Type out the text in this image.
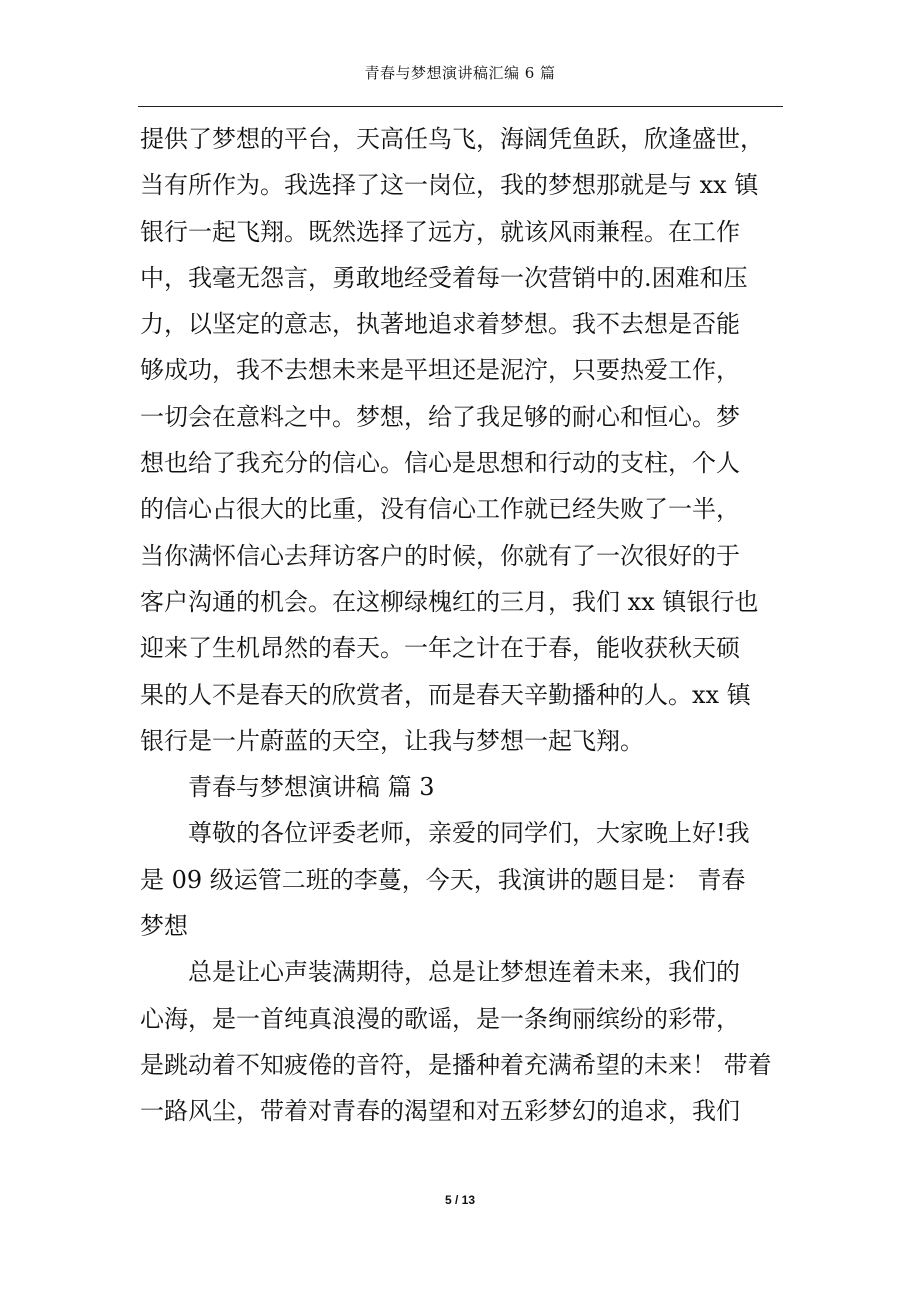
青春与梦想演讲稿汇编 6 篇
提供了梦想的平台，天高任鸟飞，海阔凭鱼跃，欣逢盛世，
当有所作为。我选择了这一岗位，我的梦想那就是与 xx 镇
银行一起飞翔。既然选择了远方，就该风雨兼程。在工作
中，我毫无怨言，勇敢地经受着每一次营销中的.困难和压
力，以坚定的意志，执著地追求着梦想。我不去想是否能
够成功，我不去想未来是平坦还是泥泞，只要热爱工作，
一切会在意料之中。梦想，给了我足够的耐心和恒心。梦
想也给了我充分的信心。信心是思想和行动的支柱，个人
的信心占很大的比重，没有信心工作就已经失败了一半，
当你满怀信心去拜访客户的时候，你就有了一次很好的于
客户沟通的机会。在这柳绿槐红的三月，我们 xx 镇银行也
迎来了生机昂然的春天。一年之计在于春，能收获秋天硕
果的人不是春天的欣赏者，而是春天辛勤播种的人。xx 镇
银行是一片蔚蓝的天空，让我与梦想一起飞翔。
青春与梦想演讲稿 篇 3
尊敬的各位评委老师，亲爱的同学们，大家晚上好!我
是 09 级运管二班的李蔓，今天，我演讲的题目是： 青春
梦想
总是让心声装满期待，总是让梦想连着未来，我们的
心海，是一首纯真浪漫的歌谣，是一条绚丽缤纷的彩带，
是跳动着不知疲倦的音符，是播种着充满希望的未来！ 带着
一路风尘，带着对青春的渴望和对五彩梦幻的追求，我们
5 / 13
